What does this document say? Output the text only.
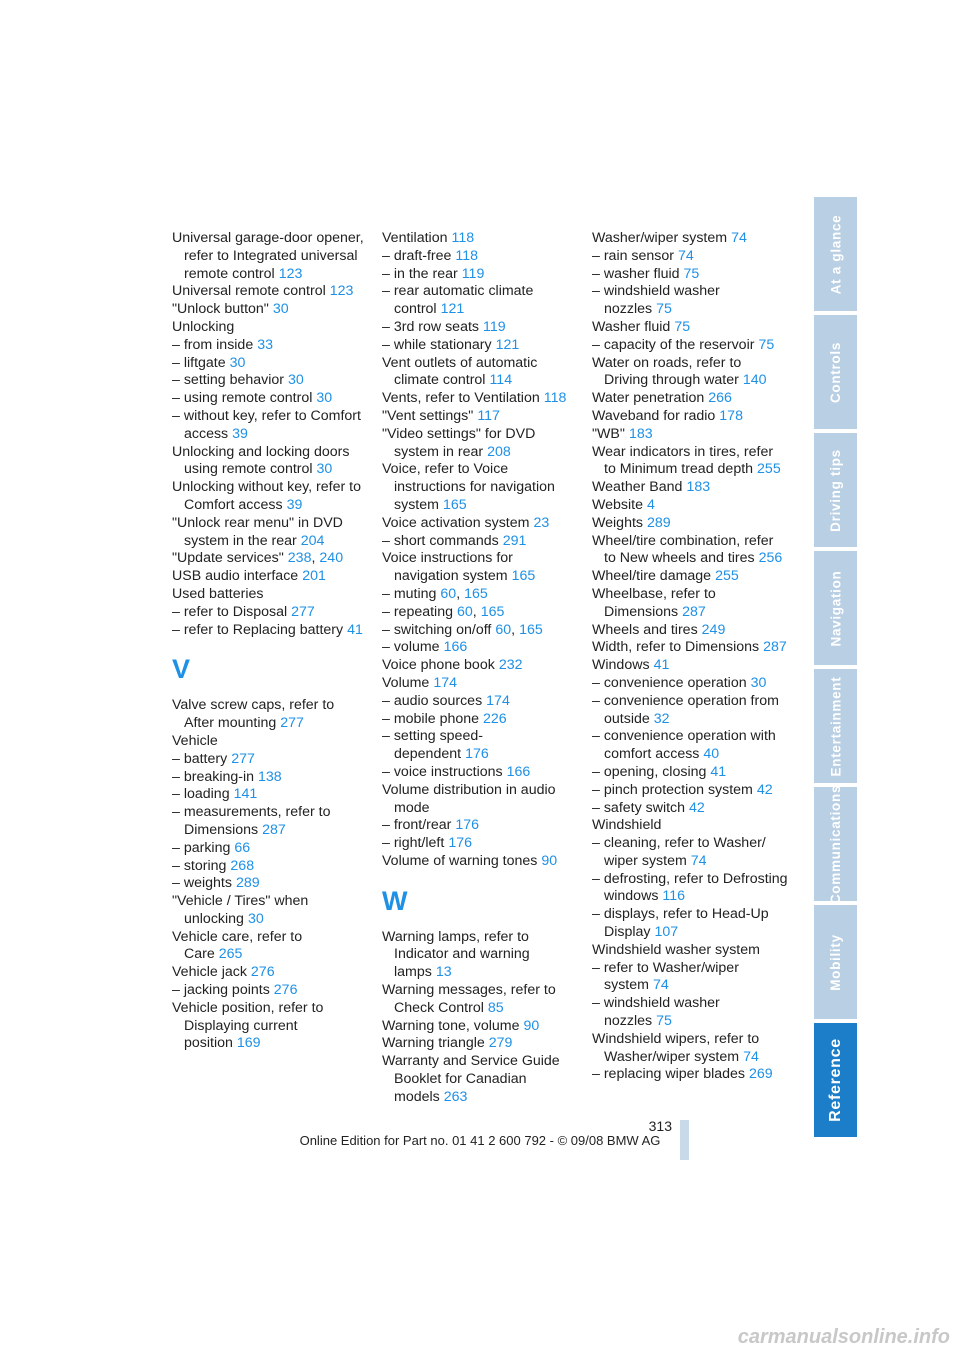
Universal garage-door opener, refer to Integrated universal remote control 123
Universal remote control 123
"Unlock button" 30
Unlocking
– from inside 33
– liftgate 30
– setting behavior 30
– using remote control 30
– without key, refer to Comfort access 39
Unlocking and locking doors using remote control 30
Unlocking without key, refer to Comfort access 39
"Unlock rear menu" in DVD system in the rear 204
"Update services" 238, 240
USB audio interface 201
Used batteries
– refer to Disposal 277
– refer to Replacing battery 41
V
Valve screw caps, refer to After mounting 277
Vehicle
– battery 277
– breaking-in 138
– loading 141
– measurements, refer to Dimensions 287
– parking 66
– storing 268
– weights 289
"Vehicle / Tires" when unlocking 30
Vehicle care, refer to Care 265
Vehicle jack 276
– jacking points 276
Vehicle position, refer to Displaying current position 169
Ventilation 118
– draft-free 118
– in the rear 119
– rear automatic climate control 121
– 3rd row seats 119
– while stationary 121
Vent outlets of automatic climate control 114
Vents, refer to Ventilation 118
"Vent settings" 117
"Video settings" for DVD system in rear 208
Voice, refer to Voice instructions for navigation system 165
Voice activation system 23
– short commands 291
Voice instructions for navigation system 165
– muting 60, 165
– repeating 60, 165
– switching on/off 60, 165
– volume 166
Voice phone book 232
Volume 174
– audio sources 174
– mobile phone 226
– setting speed-dependent 176
– voice instructions 166
Volume distribution in audio mode
– front/rear 176
– right/left 176
Volume of warning tones 90
W
Warning lamps, refer to Indicator and warning lamps 13
Warning messages, refer to Check Control 85
Warning tone, volume 90
Warning triangle 279
Warranty and Service Guide Booklet for Canadian models 263
Washer/wiper system 74
– rain sensor 74
– washer fluid 75
– windshield washer nozzles 75
Washer fluid 75
– capacity of the reservoir 75
Water on roads, refer to Driving through water 140
Water penetration 266
Waveband for radio 178
"WB" 183
Wear indicators in tires, refer to Minimum tread depth 255
Weather Band 183
Website 4
Weights 289
Wheel/tire combination, refer to New wheels and tires 256
Wheel/tire damage 255
Wheelbase, refer to Dimensions 287
Wheels and tires 249
Width, refer to Dimensions 287
Windows 41
– convenience operation 30
– convenience operation from outside 32
– convenience operation with comfort access 40
– opening, closing 41
– pinch protection system 42
– safety switch 42
Windshield
– cleaning, refer to Washer/ wiper system 74
– defrosting, refer to Defrosting windows 116
– displays, refer to Head-Up Display 107
Windshield washer system
– refer to Washer/wiper system 74
– windshield washer nozzles 75
Windshield wipers, refer to Washer/wiper system 74
– replacing wiper blades 269
At a glance
Controls
Driving tips
Navigation
Entertainment
Communications
Mobility
Reference
313
Online Edition for Part no. 01 41 2 600 792 - © 09/08 BMW AG
carmanualsonline.info
